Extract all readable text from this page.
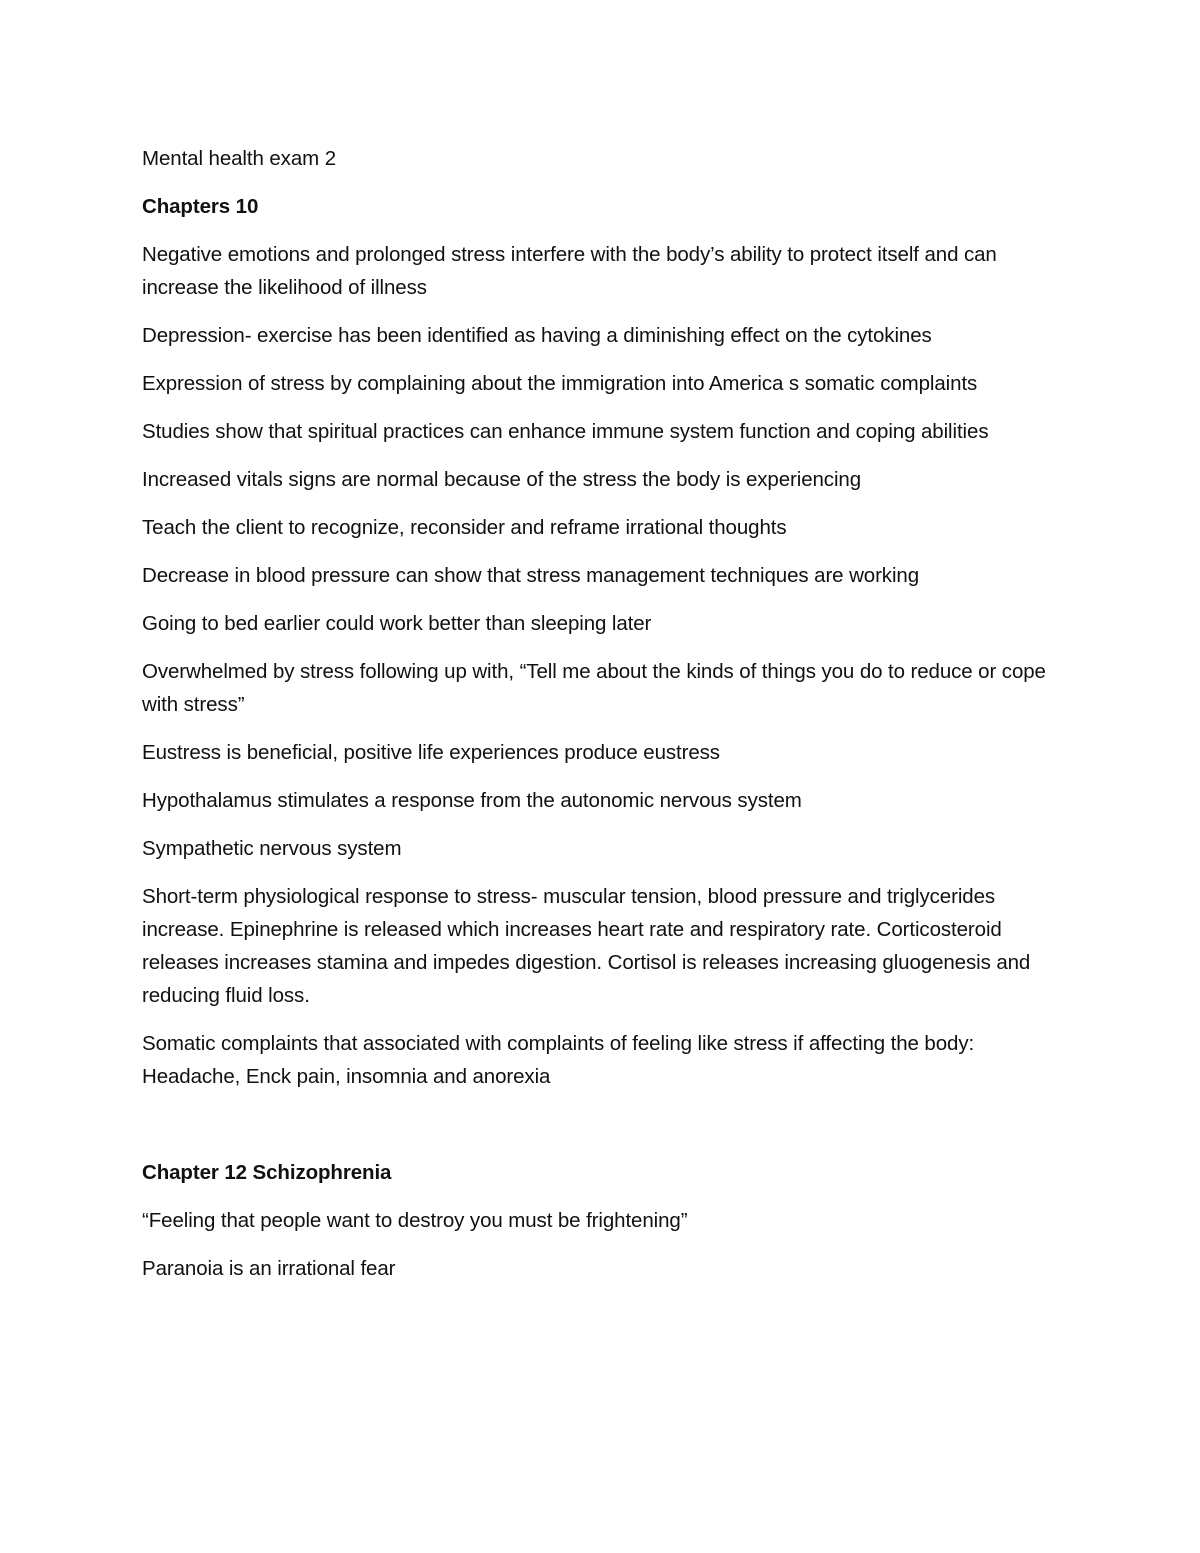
Mental health exam 2

Chapters 10

Negative emotions and prolonged stress interfere with the body’s ability to protect itself and can increase the likelihood of illness

Depression- exercise has been identified as having a diminishing effect on the cytokines

Expression of stress by complaining about the immigration into America s somatic complaints

Studies show that spiritual practices can enhance immune system function and coping abilities

Increased vitals signs are normal because of the stress the body is experiencing

Teach the client to recognize, reconsider and reframe irrational thoughts

Decrease in blood pressure can show that stress management techniques are working

Going to bed earlier could work better than sleeping later

Overwhelmed by stress following up with, “Tell me about the kinds of things you do to reduce or cope with stress”

Eustress is beneficial, positive life experiences produce eustress

Hypothalamus stimulates a response from the autonomic nervous system

Sympathetic nervous system

Short-term physiological response to stress- muscular tension, blood pressure and triglycerides increase. Epinephrine is released which increases heart rate and respiratory rate. Corticosteroid releases increases stamina and impedes digestion. Cortisol is releases increasing gluogenesis and reducing fluid loss.

Somatic complaints that associated with complaints of feeling like stress if affecting the body: Headache, Enck pain, insomnia and anorexia

Chapter 12 Schizophrenia

“Feeling that people want to destroy you must be frightening”

Paranoia is an irrational fear
